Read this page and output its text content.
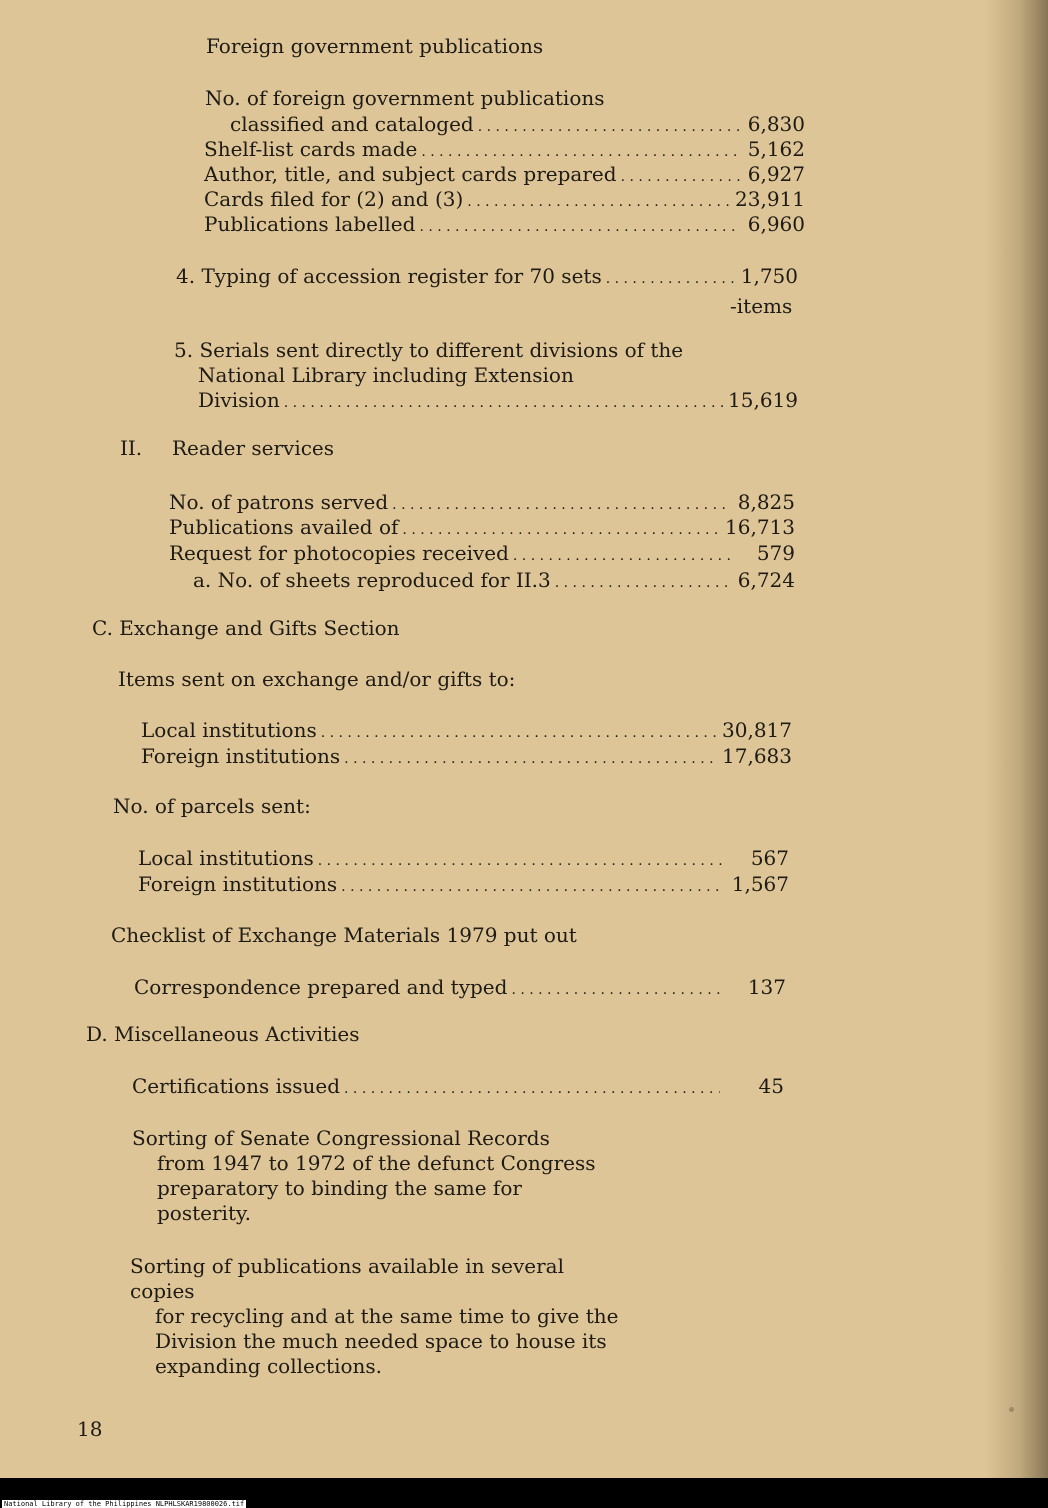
Foreign government publications
No. of foreign government publications
classified and cataloged . . .	6,830
Shelf-list cards made . . .	5,162
Author, title, and subject cards prepared . . .	6,927
Cards filed for (2) and (3) . . .	23,911
Publications labelled . . .	6,960
4. Typing of accession register for 70 sets . . .	1,750
-items
5. Serials sent directly to different divisions of the
National Library including Extension
Division . . .	15,619
II. Reader services
No. of patrons served . . .	8,825
Publications availed of . . .	16,713
Request for photocopies received . . .	579
a. No. of sheets reproduced for II.3 . . .	6,724
C. Exchange and Gifts Section
Items sent on exchange and/or gifts to:
Local institutions . . .	30,817
Foreign institutions . . .	17,683
No. of parcels sent:
Local institutions . . .	567
Foreign institutions . . .	1,567
Checklist of Exchange Materials 1979 put out
Correspondence prepared and typed . . .	137
D. Miscellaneous Activities
Certifications issued . . .	45
Sorting of Senate Congressional Records
from 1947 to 1972 of the defunct Congress preparatory to binding the same for posterity.
Sorting of publications available in several copies
for recycling and at the same time to give the Division the much needed space to house its expanding collections.
18
National Library of the Philippines NLPHLSKAR19800026.tif
